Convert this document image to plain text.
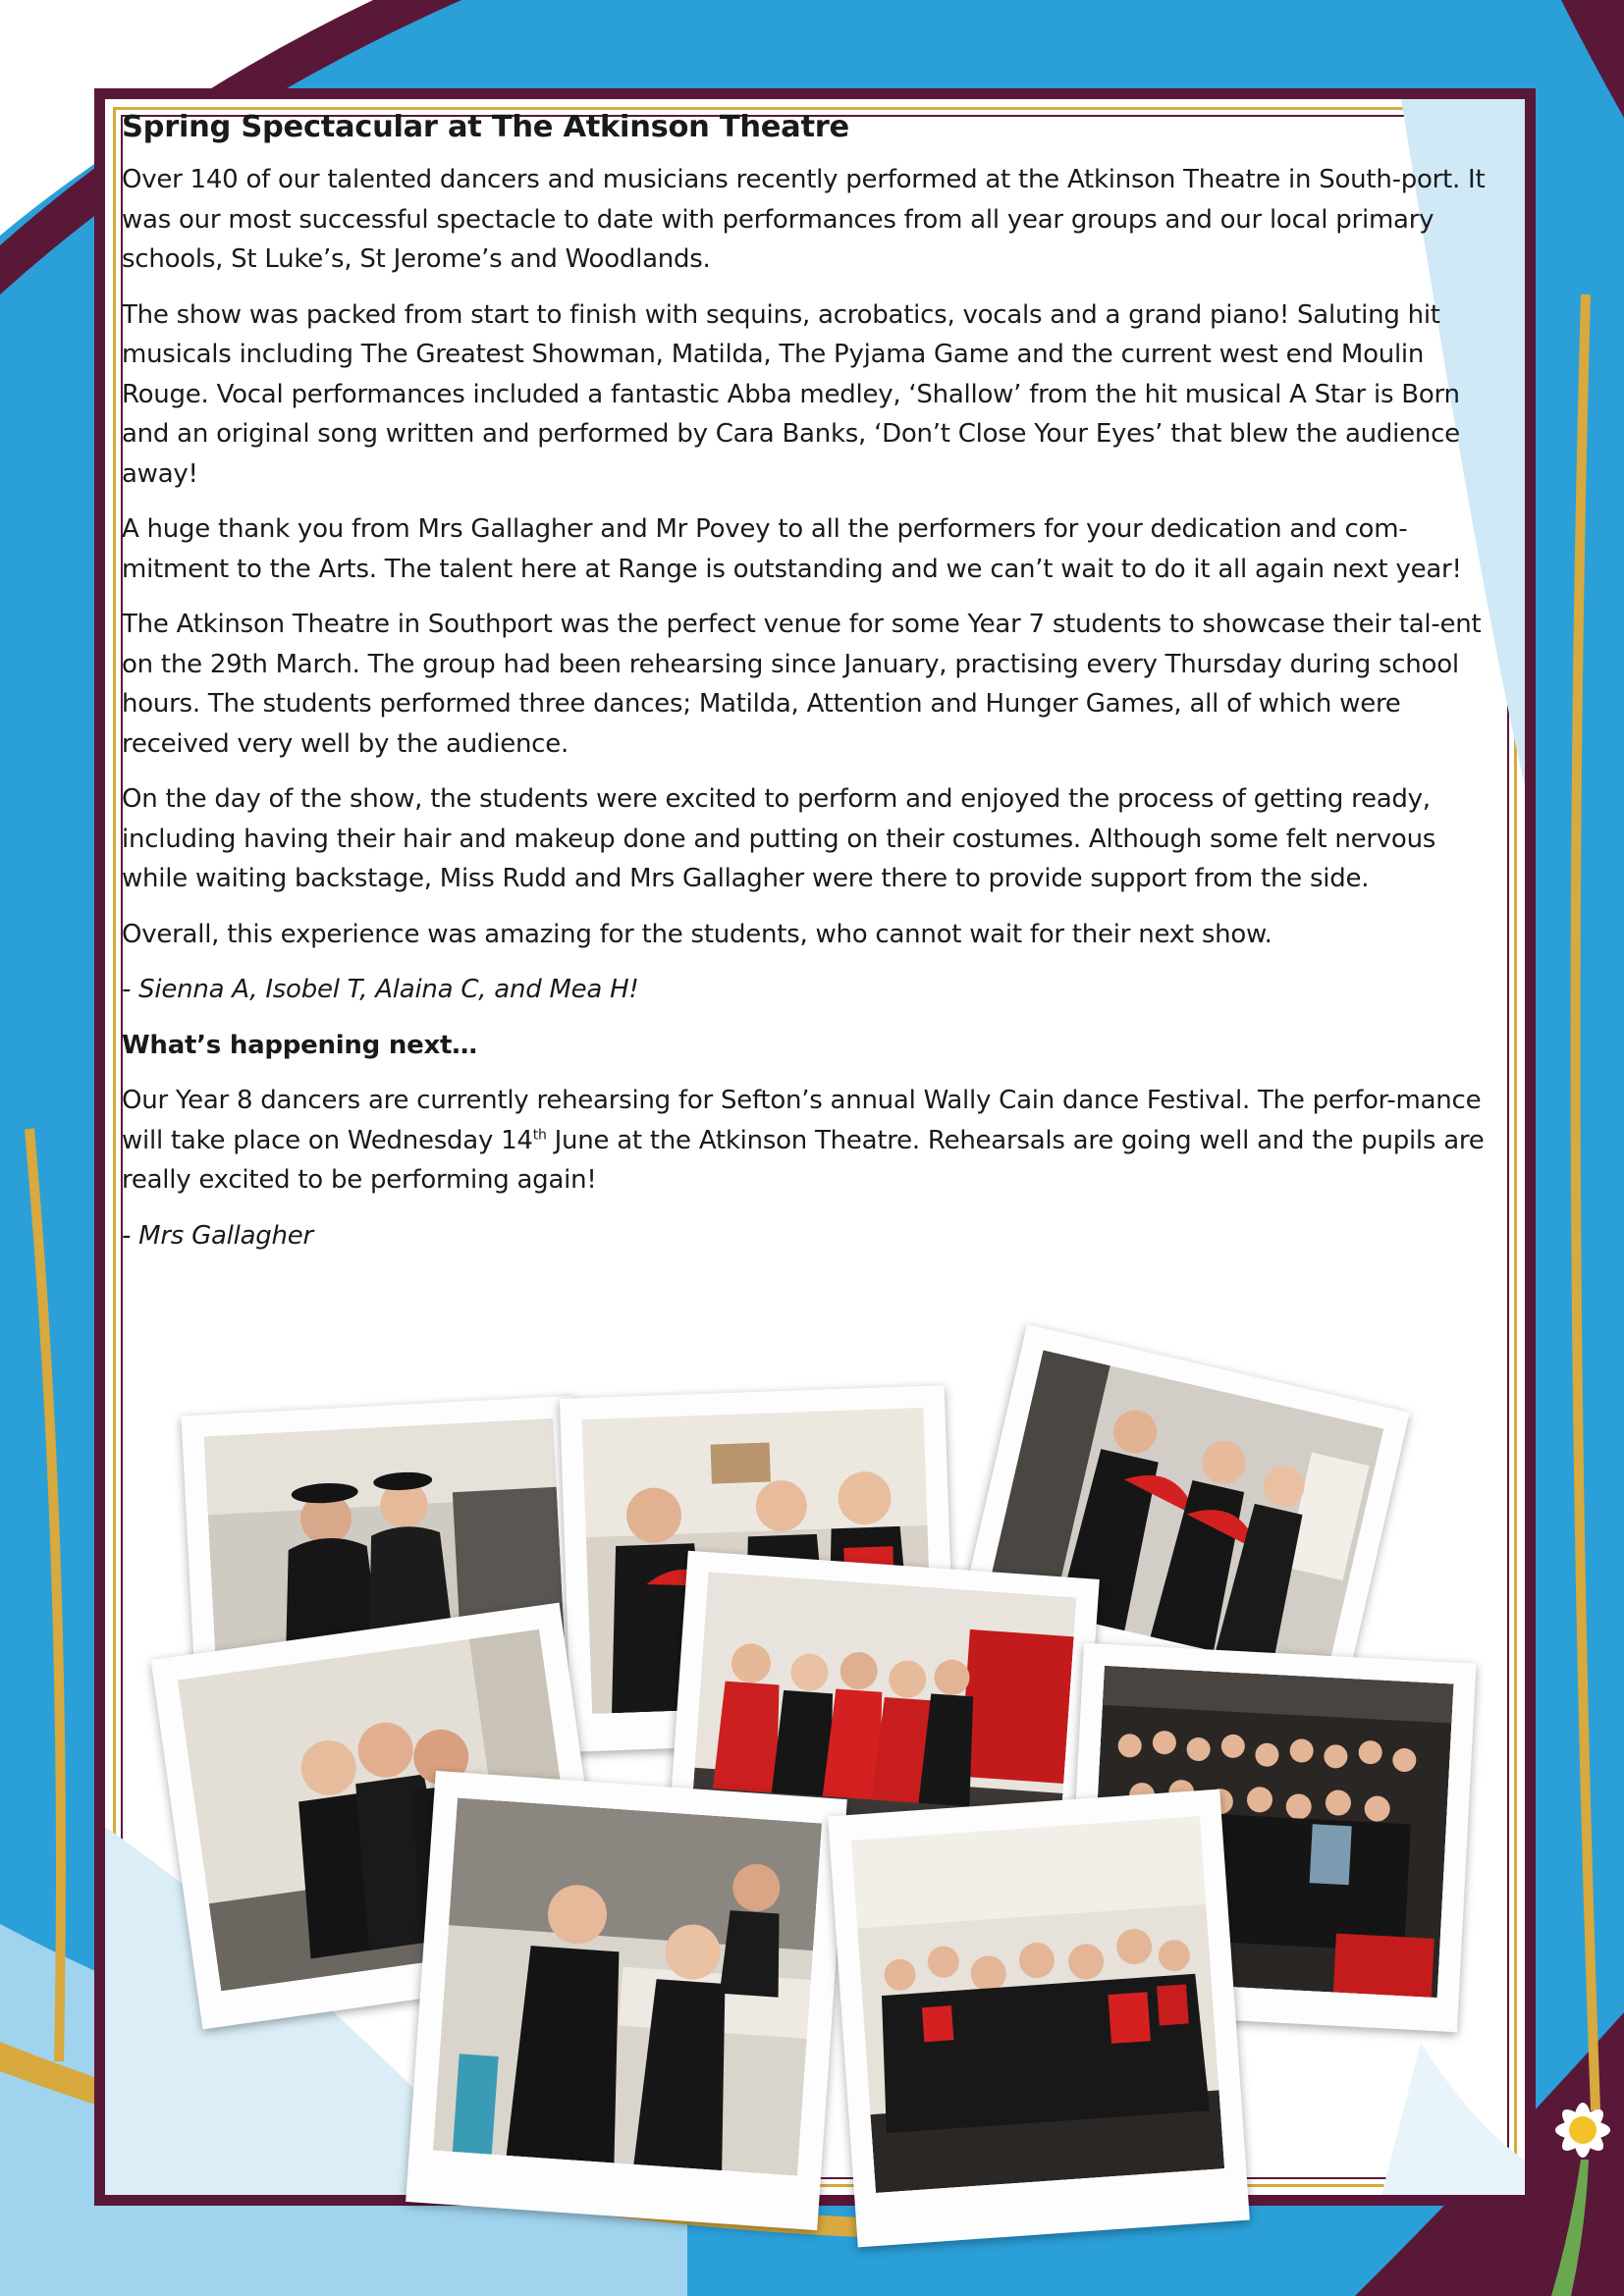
Spring Spectacular at The Atkinson Theatre

Over 140 of our talented dancers and musicians recently performed at the Atkinson Theatre in South-port. It was our most successful spectacle to date with performances from all year groups and our local primary schools, St Luke’s, St Jerome’s and Woodlands.

The show was packed from start to finish with sequins, acrobatics, vocals and a grand piano! Saluting hit musicals including The Greatest Showman, Matilda, The Pyjama Game and the current west end Moulin Rouge. Vocal performances included a fantastic Abba medley, ‘Shallow’ from the hit musical A Star is Born and an original song written and performed by Cara Banks, ‘Don’t Close Your Eyes’ that blew the audience away!

A huge thank you from Mrs Gallagher and Mr Povey to all the performers for your dedication and com-mitment to the Arts. The talent here at Range is outstanding and we can’t wait to do it all again next year!

The Atkinson Theatre in Southport was the perfect venue for some Year 7 students to showcase their tal-ent on the 29th March. The group had been rehearsing since January, practising every Thursday during school hours. The students performed three dances; Matilda, Attention and Hunger Games, all of which were received very well by the audience.

On the day of the show, the students were excited to perform and enjoyed the process of getting ready, including having their hair and makeup done and putting on their costumes. Although some felt nervous while waiting backstage, Miss Rudd and Mrs Gallagher were there to provide support from the side.

Overall, this experience was amazing for the students, who cannot wait for their next show.

- Sienna A, Isobel T, Alaina C, and Mea H!

What’s happening next…

Our Year 8 dancers are currently rehearsing for Sefton’s annual Wally Cain dance Festival. The perfor-mance will take place on Wednesday 14th June at the Atkinson Theatre. Rehearsals are going well and the pupils are really excited to be performing again!

- Mrs Gallagher
